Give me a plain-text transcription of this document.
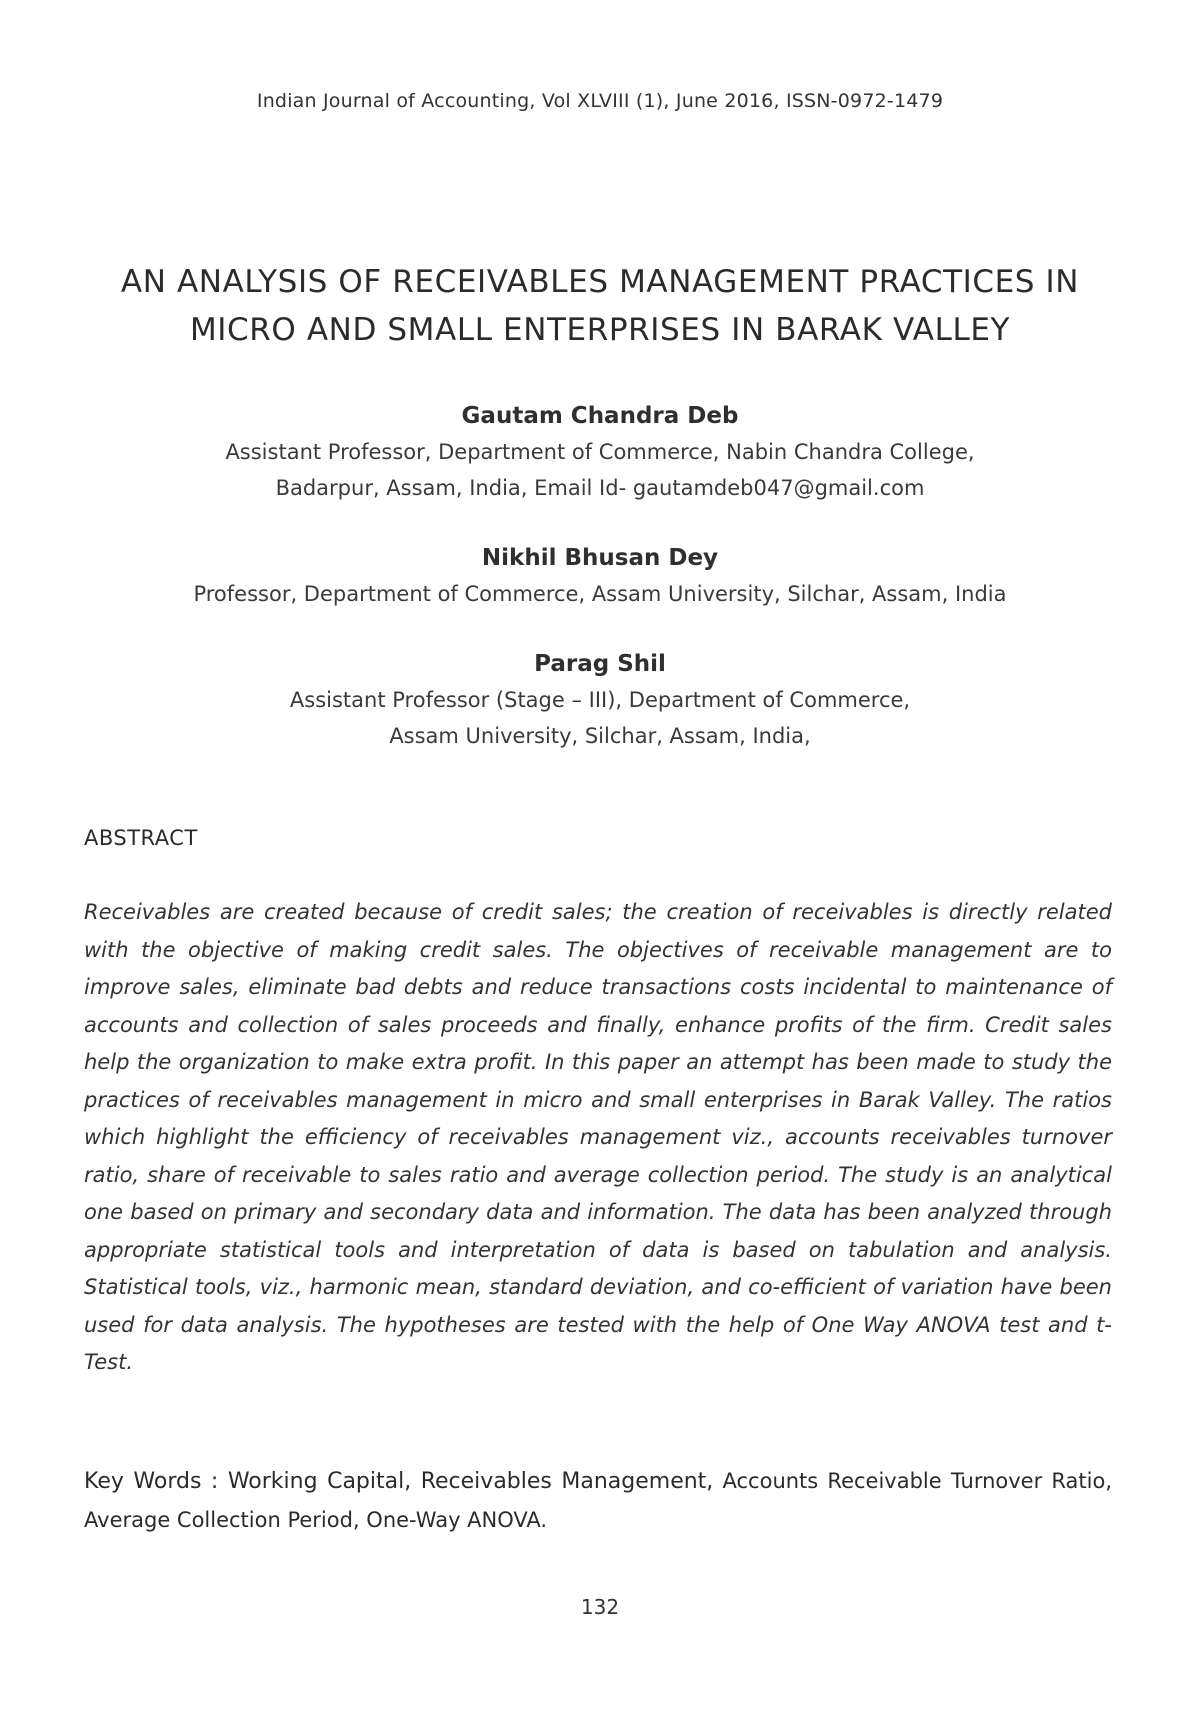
Indian Journal of Accounting, Vol XLVIII (1), June 2016, ISSN-0972-1479
AN ANALYSIS OF RECEIVABLES MANAGEMENT PRACTICES IN
MICRO AND SMALL ENTERPRISES IN BARAK VALLEY

Gautam Chandra Deb

Assistant Professor, Department of Commerce, Nabin Chandra College,

Badarpur, Assam, India, Email Id- gautamdeb047@gmail.com

Nikhil Bhusan Dey

Professor, Department of Commerce, Assam University, Silchar, Assam, India

Parag Shil

Assistant Professor (Stage – III), Department of Commerce,

Assam University, Silchar, Assam, India,

ABSTRACT

Receivables are created because of credit sales; the creation of receivables is directly related with the objective of making credit sales. The objectives of receivable management are to improve sales, eliminate bad debts and reduce transactions costs incidental to maintenance of accounts and collection of sales proceeds and finally, enhance profits of the firm. Credit sales help the organization to make extra profit. In this paper an attempt has been made to study the practices of receivables management in micro and small enterprises in Barak Valley. The ratios which highlight the efficiency of receivables management viz., accounts receivables turnover ratio, share of receivable to sales ratio and average collection period. The study is an analytical one based on primary and secondary data and information. The data has been analyzed through appropriate statistical tools and interpretation of data is based on tabulation and analysis. Statistical tools, viz., harmonic mean, standard deviation, and co-efficient of variation have been used for data analysis. The hypotheses are tested with the help of One Way ANOVA test and t-Test.

Key Words : Working Capital, Receivables Management, Accounts Receivable Turnover Ratio, Average Collection Period, One-Way ANOVA.

132
